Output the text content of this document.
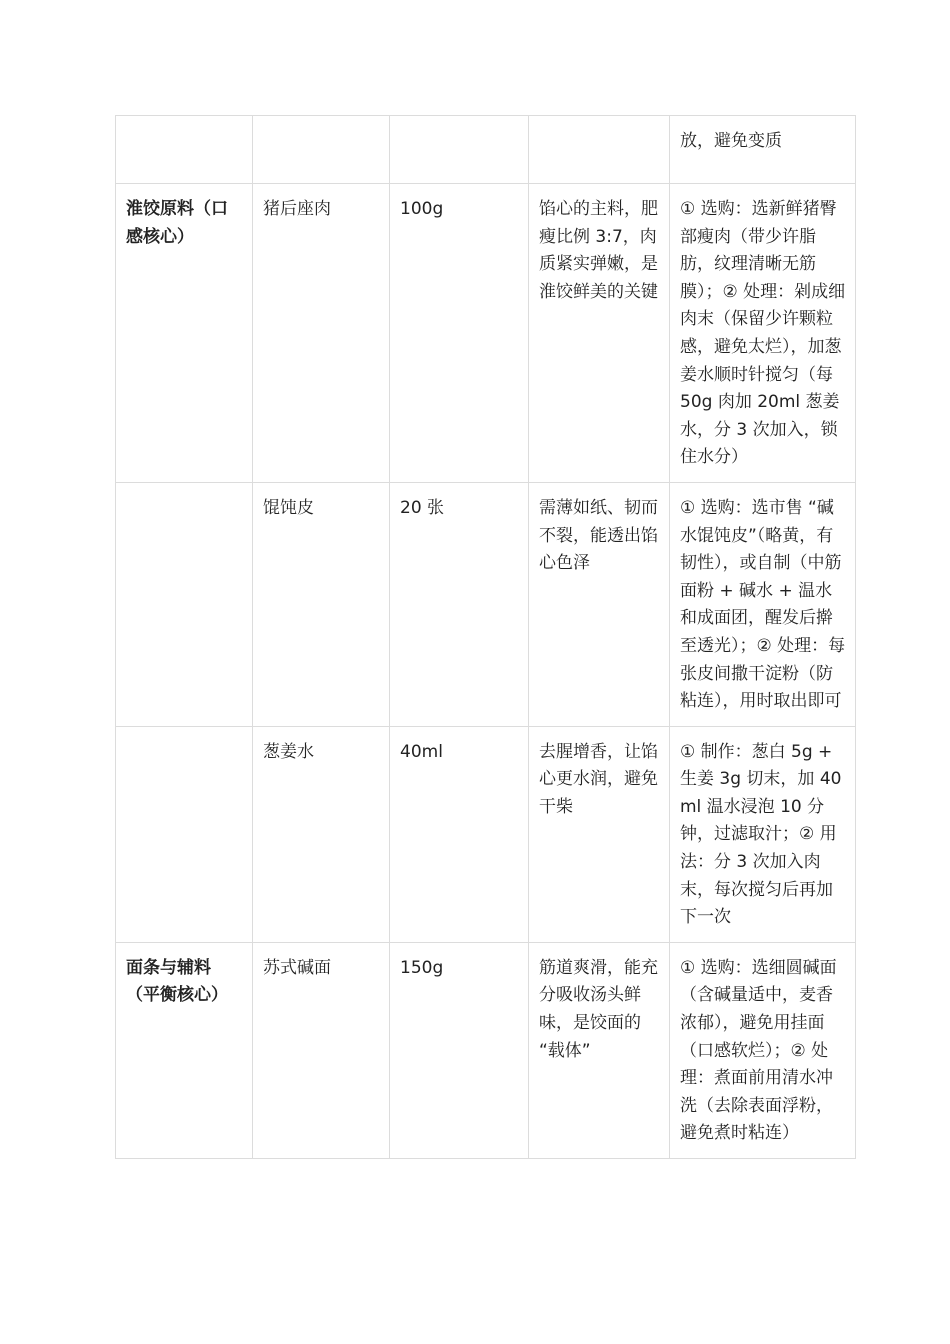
				放，避免变质
淮饺原料（口感核心）	猪后座肉	100g	馅心的主料，肥瘦比例 3:7，肉质紧实弹嫩，是淮饺鲜美的关键	① 选购：选新鲜猪臀部瘦肉（带少许脂肪，纹理清晰无筋膜）；② 处理：剁成细肉末（保留少许颗粒感，避免太烂），加葱姜水顺时针搅匀（每 50g 肉加 20ml 葱姜水，分 3 次加入，锁住水分）
	馄饨皮	20 张	需薄如纸、韧而不裂，能透出馅心色泽	① 选购：选市售 “碱水馄饨皮”（略黄，有韧性），或自制（中筋面粉 + 碱水 + 温水和成面团，醒发后擀至透光）；② 处理：每张皮间撒干淀粉（防粘连），用时取出即可
	葱姜水	40ml	去腥增香，让馅心更水润，避免干柴	① 制作：葱白 5g + 生姜 3g 切末，加 40ml 温水浸泡 10 分钟，过滤取汁；② 用法：分 3 次加入肉末，每次搅匀后再加下一次
面条与辅料（平衡核心）	苏式碱面	150g	筋道爽滑，能充分吸收汤头鲜味，是饺面的 “载体”	① 选购：选细圆碱面（含碱量适中，麦香浓郁），避免用挂面（口感软烂）；② 处理：煮面前用清水冲洗（去除表面浮粉，避免煮时粘连）
